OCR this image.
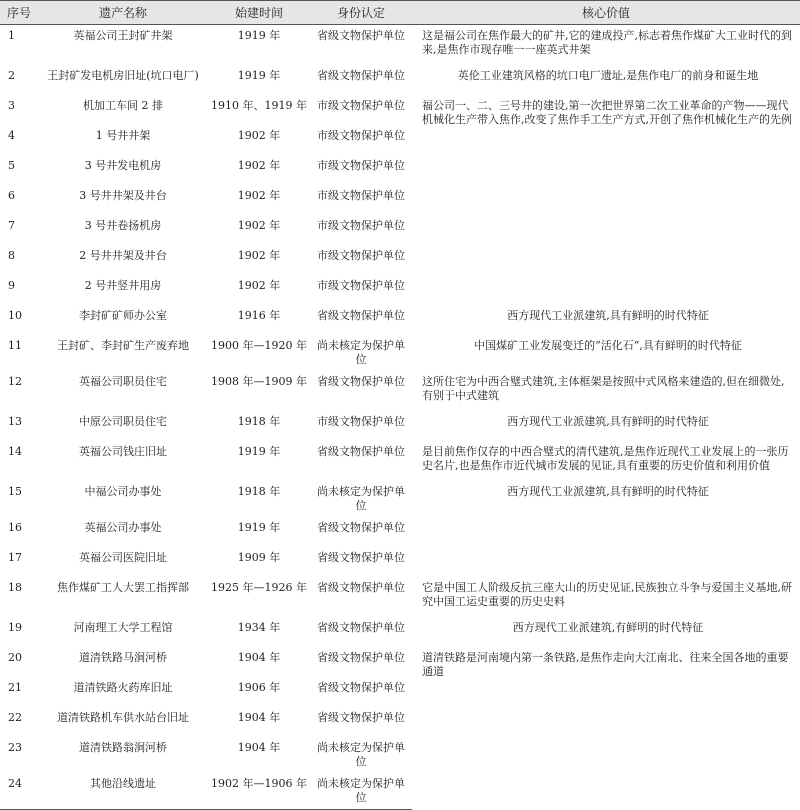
序号	遗产名称	始建时间	身份认定	核心价值
1	英福公司王封矿井架	1919 年	省级文物保护单位	这是福公司在焦作最大的矿井,它的建成投产,标志着焦作煤矿大工业时代的到来,是焦作市现存唯一一座英式井架
2	王封矿发电机房旧址(坑口电厂)	1919 年	省级文物保护单位	英伦工业建筑风格的坑口电厂遗址,是焦作电厂的前身和诞生地
3	机加工车间 2 排	1910 年、1919 年	市级文物保护单位	福公司一、二、三号井的建设,第一次把世界第二次工业革命的产物——现代机械化生产带入焦作,改变了焦作手工生产方式,开创了焦作机械化生产的先例
4	1 号井井架	1902 年	市级文物保护单位	
5	3 号井发电机房	1902 年	市级文物保护单位	
6	3 号井井架及井台	1902 年	市级文物保护单位	
7	3 号井卷扬机房	1902 年	市级文物保护单位	
8	2 号井井架及井台	1902 年	市级文物保护单位	
9	2 号井竖井用房	1902 年	市级文物保护单位	
10	李封矿矿师办公室	1916 年	省级文物保护单位	西方现代工业派建筑,具有鲜明的时代特征
11	王封矿、李封矿生产废弃地	1900 年—1920 年	尚未核定为保护单位	中国煤矿工业发展变迁的“活化石”,具有鲜明的时代特征
12	英福公司职员住宅	1908 年—1909 年	省级文物保护单位	这所住宅为中西合璧式建筑,主体框架是按照中式风格来建造的,但在细微处,有别于中式建筑
13	中原公司职员住宅	1918 年	市级文物保护单位	西方现代工业派建筑,具有鲜明的时代特征
14	英福公司钱庄旧址	1919 年	省级文物保护单位	是目前焦作仅存的中西合璧式的清代建筑,是焦作近现代工业发展上的一张历史名片,也是焦作市近代城市发展的见证,具有重要的历史价值和利用价值
15	中福公司办事处	1918 年	尚未核定为保护单位	西方现代工业派建筑,具有鲜明的时代特征
16	英福公司办事处	1919 年	省级文物保护单位	
17	英福公司医院旧址	1909 年	省级文物保护单位	
18	焦作煤矿工人大罢工指挥部	1925 年—1926 年	省级文物保护单位	它是中国工人阶级反抗三座大山的历史见证,民族独立斗争与爱国主义基地,研究中国工运史重要的历史史料
19	河南理工大学工程馆	1934 年	省级文物保护单位	西方现代工业派建筑,有鲜明的时代特征
20	道清铁路马涧河桥	1904 年	省级文物保护单位	道清铁路是河南境内第一条铁路,是焦作走向大江南北、往来全国各地的重要通道
21	道清铁路火药库旧址	1906 年	省级文物保护单位	
22	道清铁路机车供水站台旧址	1904 年	省级文物保护单位	
23	道清铁路翁涧河桥	1904 年	尚未核定为保护单位	
24	其他沿线遗址	1902 年—1906 年	尚未核定为保护单位	
